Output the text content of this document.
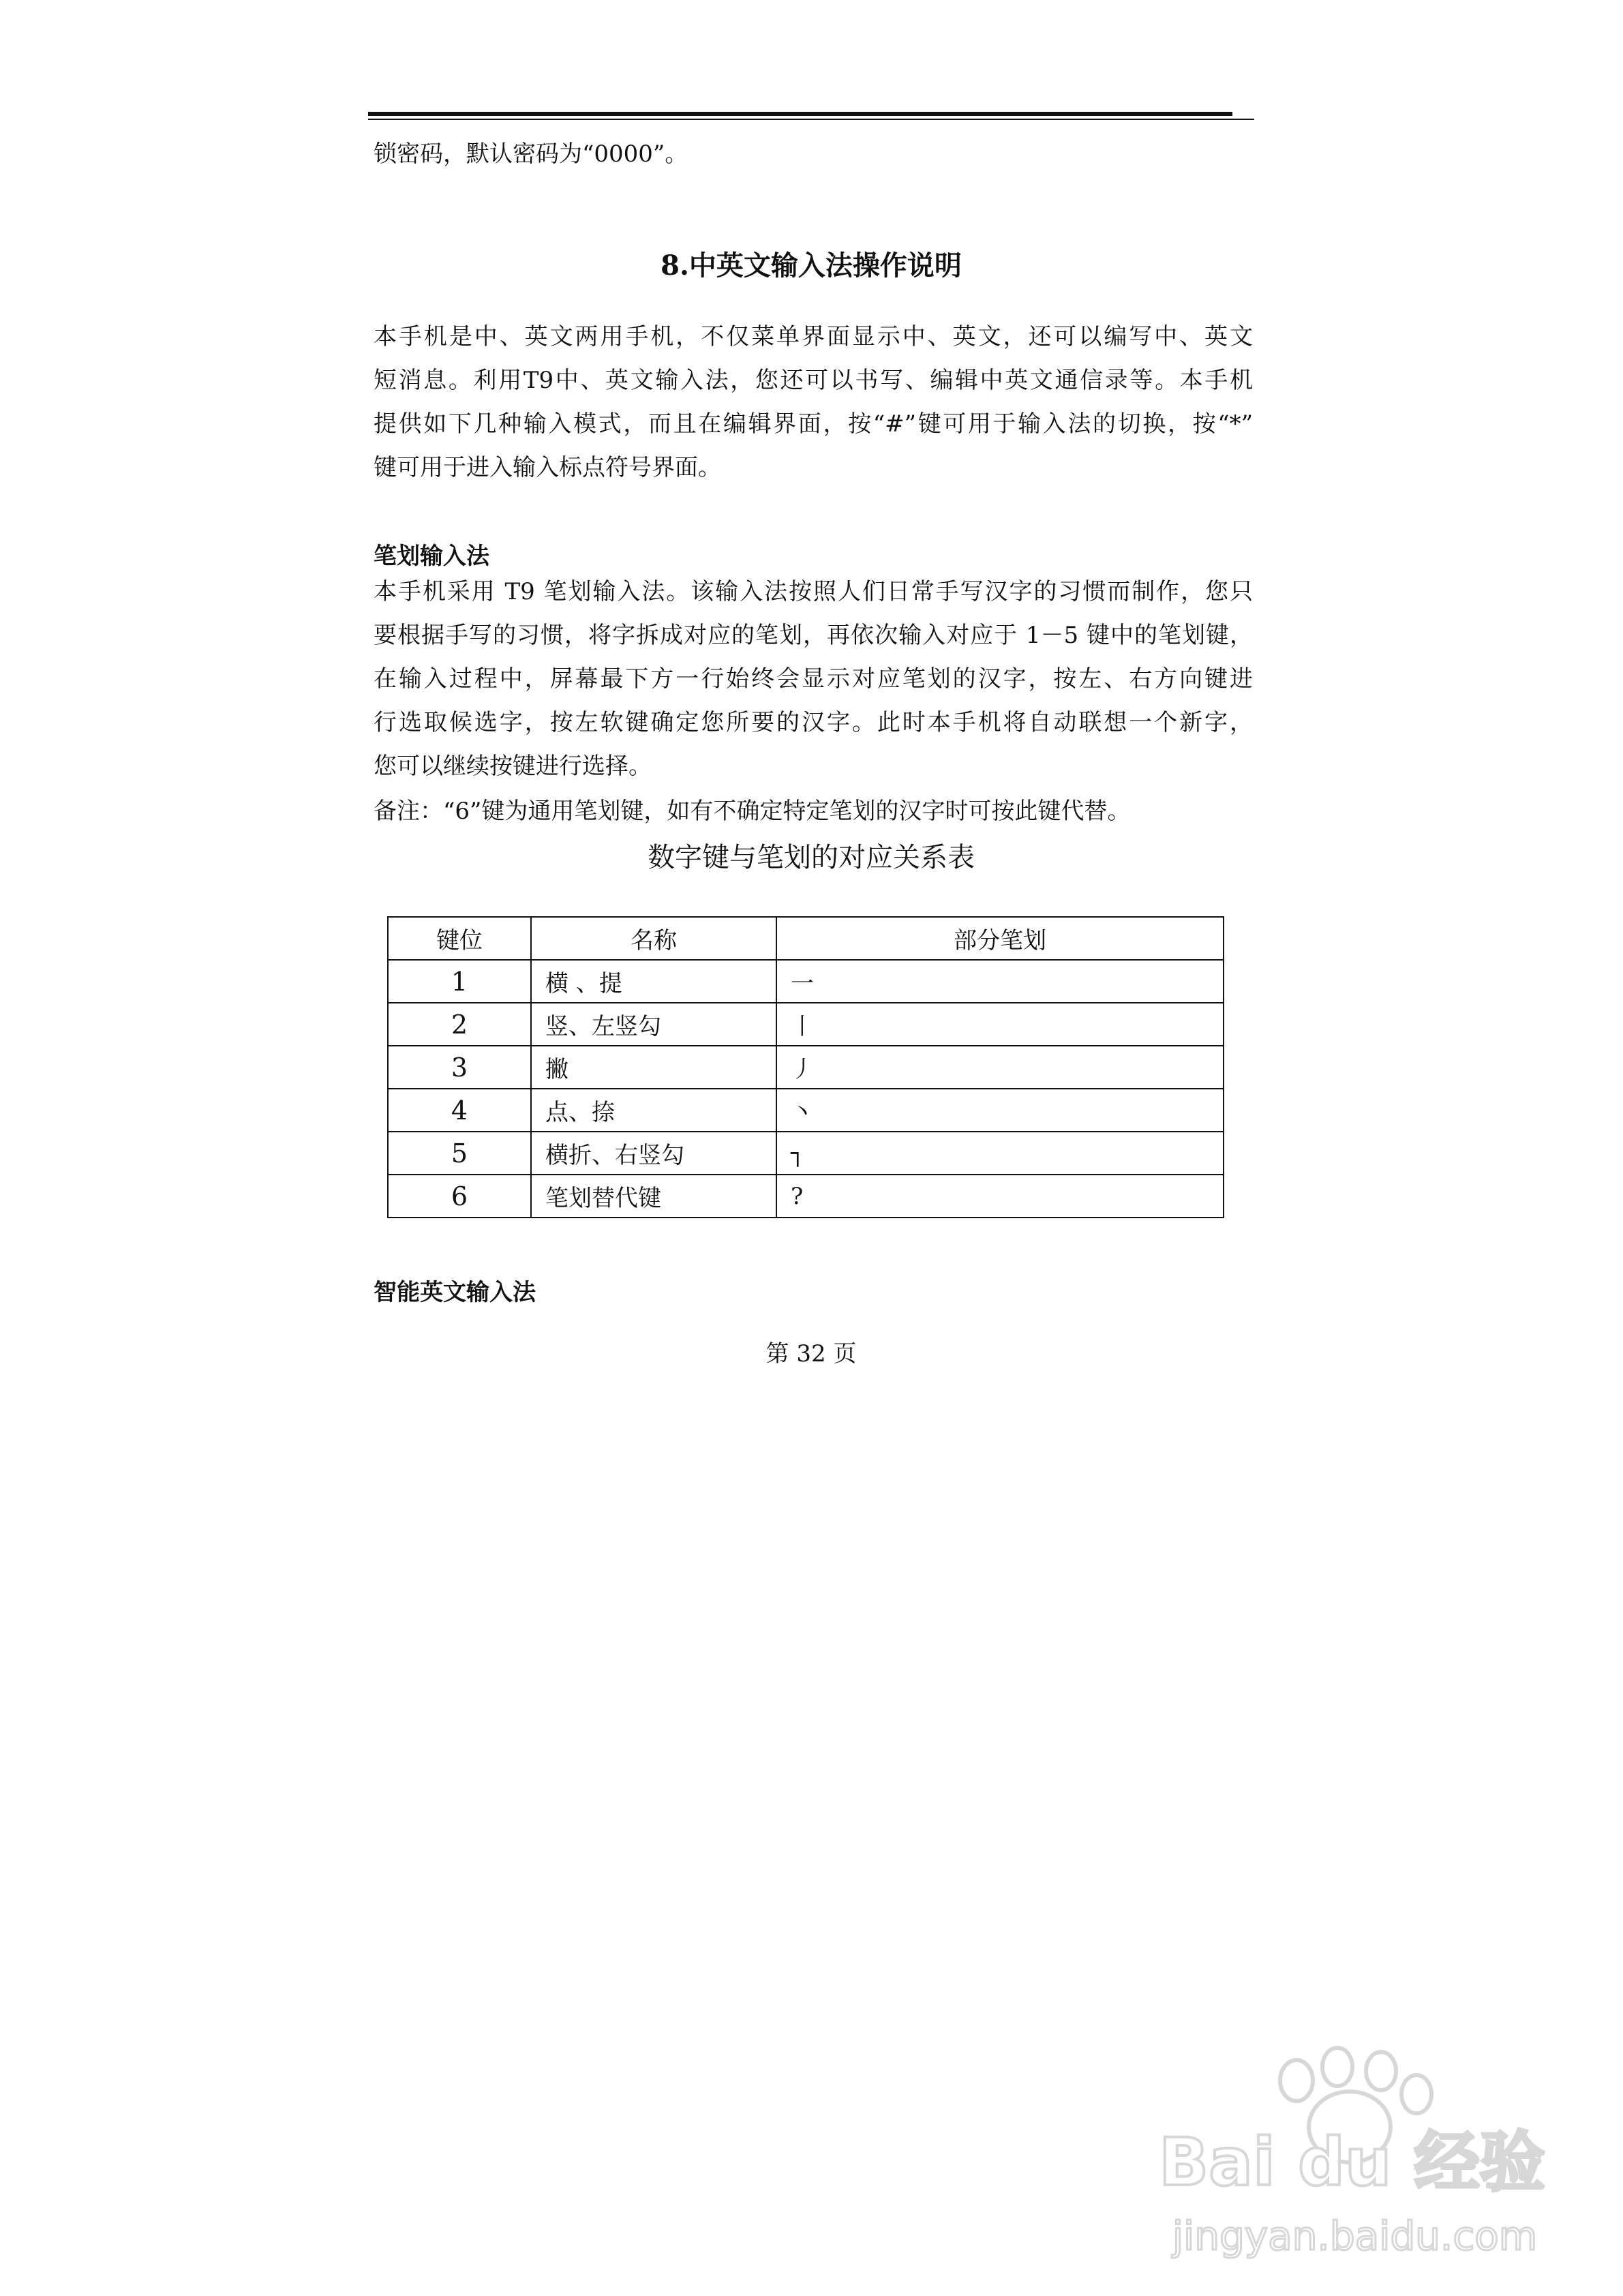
锁密码，默认密码为“0000”。
8.中英文输入法操作说明
本手机是中、英文两用手机，不仅菜单界面显示中、英文，还可以编写中、英文
短消息。利用T9中、英文输入法，您还可以书写、编辑中英文通信录等。本手机
提供如下几种输入模式，而且在编辑界面，按“#”键可用于输入法的切换，按“*”
键可用于进入输入标点符号界面。
笔划输入法
本手机采用 T9 笔划输入法。该输入法按照人们日常手写汉字的习惯而制作，您只
要根据手写的习惯，将字拆成对应的笔划，再依次输入对应于 1－5 键中的笔划键，
在输入过程中，屏幕最下方一行始终会显示对应笔划的汉字，按左、右方向键进
行选取候选字，按左软键确定您所要的汉字。此时本手机将自动联想一个新字，
您可以继续按键进行选择。
备注：“6”键为通用笔划键，如有不确定特定笔划的汉字时可按此键代替。
数字键与笔划的对应关系表
键位	名称	部分笔划
1	横 、提	一
2	竖、左竖勾	丨
3	撇	丿
4	点、捺	丶
5	横折、右竖勾	┐
6	笔划替代键	?
智能英文输入法
第 32 页
Bai du 经验
jingyan.baidu.com
